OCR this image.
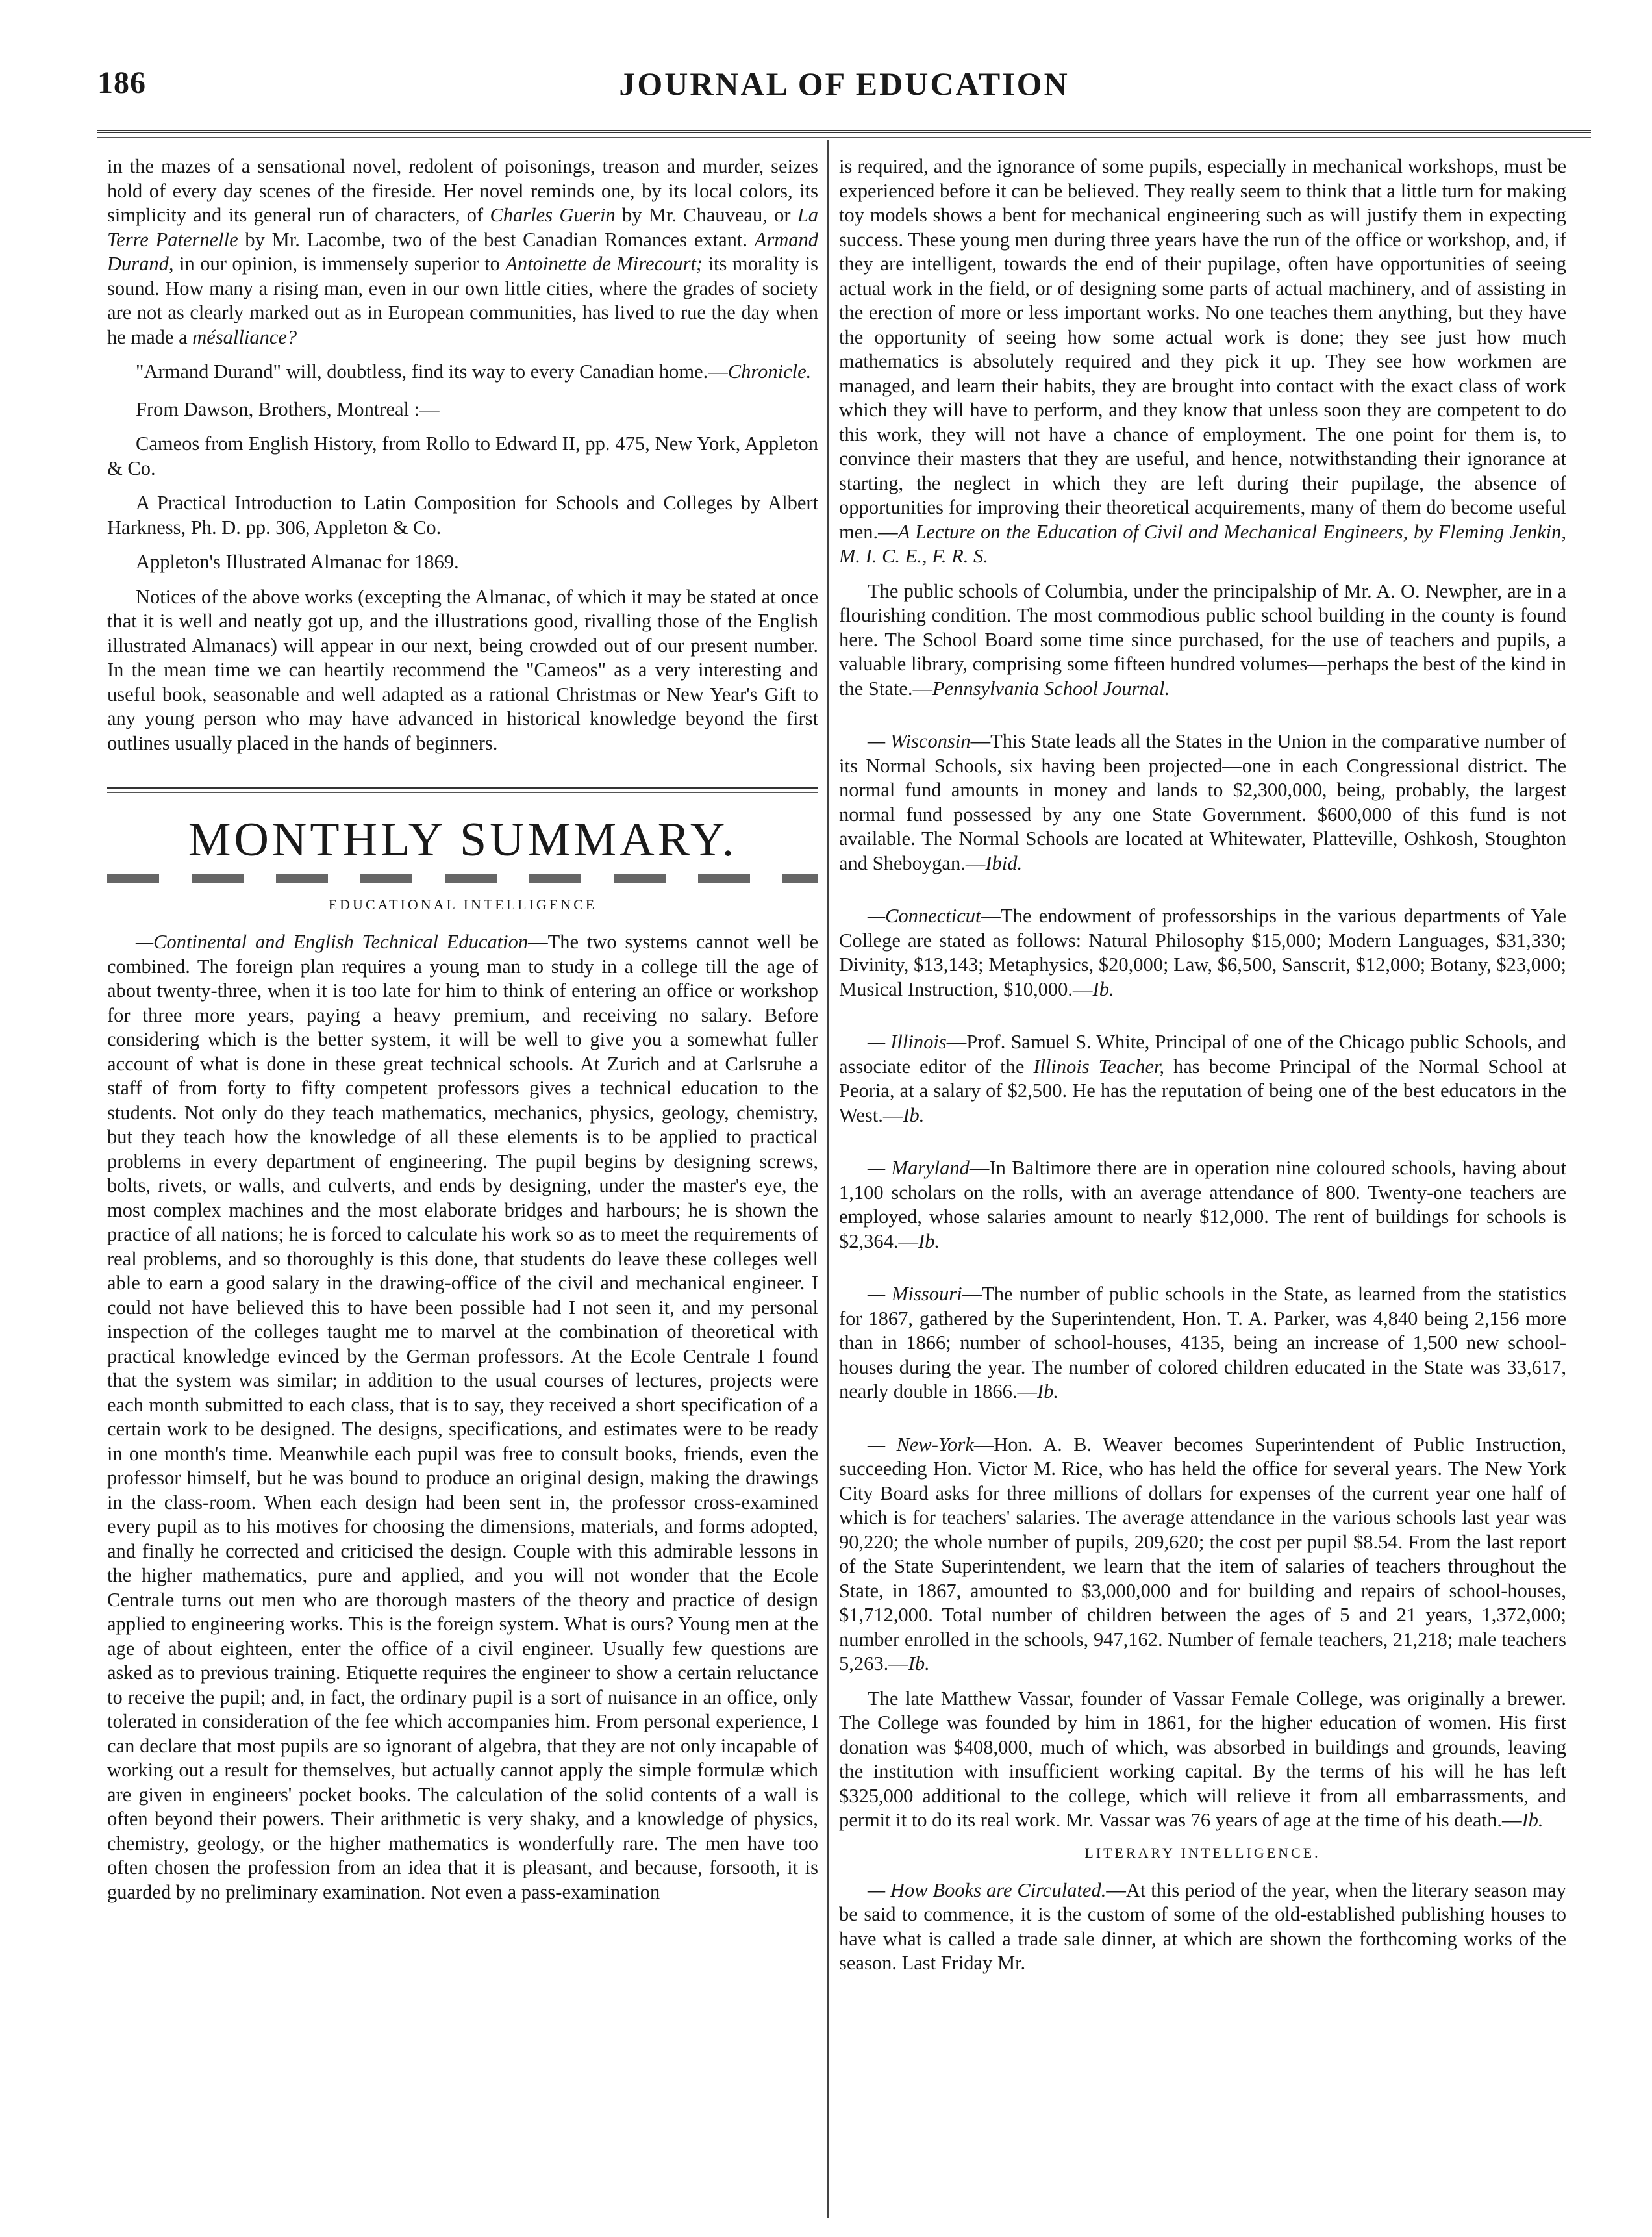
186	JOURNAL OF EDUCATION

in the mazes of a sensational novel, redolent of poisonings, treason and murder, seizes hold of every day scenes of the fireside. Her novel reminds one, by its local colors, its simplicity and its general run of characters, of Charles Guerin by Mr. Chauveau, or La Terre Paternelle by Mr. Lacombe, two of the best Canadian Romances extant. Armand Durand, in our opinion, is immensely superior to Antoinette de Mirecourt; its morality is sound. How many a rising man, even in our own little cities, where the grades of society are not as clearly marked out as in European communities, has lived to rue the day when he made a mésalliance?

"Armand Durand" will, doubtless, find its way to every Canadian home.—Chronicle.

From Dawson, Brothers, Montreal :—

Cameos from English History, from Rollo to Edward II, pp. 475, New York, Appleton & Co.

A Practical Introduction to Latin Composition for Schools and Colleges by Albert Harkness, Ph. D. pp. 306, Appleton & Co.

Appleton's Illustrated Almanac for 1869.

Notices of the above works (excepting the Almanac, of which it may be stated at once that it is well and neatly got up, and the illustrations good, rivalling those of the English illustrated Almanacs) will appear in our next, being crowded out of our present number. In the mean time we can heartily recommend the "Cameos" as a very interesting and useful book, seasonable and well adapted as a rational Christmas or New Year's Gift to any young person who may have advanced in historical knowledge beyond the first outlines usually placed in the hands of beginners.

MONTHLY SUMMARY.
EDUCATIONAL INTELLIGENCE

—Continental and English Technical Education—The two systems cannot well be combined. The foreign plan requires a young man to study in a college till the age of about twenty-three, when it is too late for him to think of entering an office or workshop for three more years, paying a heavy premium, and receiving no salary. Before considering which is the better system, it will be well to give you a somewhat fuller account of what is done in these great technical schools. At Zurich and at Carlsruhe a staff of from forty to fifty competent professors gives a technical education to the students. Not only do they teach mathematics, mechanics, physics, geology, chemistry, but they teach how the knowledge of all these elements is to be applied to practical problems in every department of engineering. The pupil begins by designing screws, bolts, rivets, or walls, and culverts, and ends by designing, under the master's eye, the most complex machines and the most elaborate bridges and harbours; he is shown the practice of all nations; he is forced to calculate his work so as to meet the requirements of real problems, and so thoroughly is this done, that students do leave these colleges well able to earn a good salary in the drawing-office of the civil and mechanical engineer. I could not have believed this to have been possible had I not seen it, and my personal inspection of the colleges taught me to marvel at the combination of theoretical with practical knowledge evinced by the German professors. At the Ecole Centrale I found that the system was similar; in addition to the usual courses of lectures, projects were each month submitted to each class, that is to say, they received a short specification of a certain work to be designed. The designs, specifications, and estimates were to be ready in one month's time. Meanwhile each pupil was free to consult books, friends, even the professor himself, but he was bound to produce an original design, making the drawings in the class-room. When each design had been sent in, the professor cross-examined every pupil as to his motives for choosing the dimensions, materials, and forms adopted, and finally he corrected and criticised the design. Couple with this admirable lessons in the higher mathematics, pure and applied, and you will not wonder that the Ecole Centrale turns out men who are thorough masters of the theory and practice of design applied to engineering works. This is the foreign system. What is ours? Young men at the age of about eighteen, enter the office of a civil engineer. Usually few questions are asked as to previous training. Etiquette requires the engineer to show a certain reluctance to receive the pupil; and, in fact, the ordinary pupil is a sort of nuisance in an office, only tolerated in consideration of the fee which accompanies him. From personal experience, I can declare that most pupils are so ignorant of algebra, that they are not only incapable of working out a result for themselves, but actually cannot apply the simple formulæ which are given in engineers' pocket books. The calculation of the solid contents of a wall is often beyond their powers. Their arithmetic is very shaky, and a knowledge of physics, chemistry, geology, or the higher mathematics is wonderfully rare. The men have too often chosen the profession from an idea that it is pleasant, and because, forsooth, it is guarded by no preliminary examination. Not even a pass-examination

is required, and the ignorance of some pupils, especially in mechanical workshops, must be experienced before it can be believed. They really seem to think that a little turn for making toy models shows a bent for mechanical engineering such as will justify them in expecting success. These young men during three years have the run of the office or workshop, and, if they are intelligent, towards the end of their pupilage, often have opportunities of seeing actual work in the field, or of designing some parts of actual machinery, and of assisting in the erection of more or less important works. No one teaches them anything, but they have the opportunity of seeing how some actual work is done; they see just how much mathematics is absolutely required and they pick it up. They see how workmen are managed, and learn their habits, they are brought into contact with the exact class of work which they will have to perform, and they know that unless soon they are competent to do this work, they will not have a chance of employment. The one point for them is, to convince their masters that they are useful, and hence, notwithstanding their ignorance at starting, the neglect in which they are left during their pupilage, the absence of opportunities for improving their theoretical acquirements, many of them do become useful men.—A Lecture on the Education of Civil and Mechanical Engineers, by Fleming Jenkin, M. I. C. E., F. R. S.

The public schools of Columbia, under the principalship of Mr. A. O. Newpher, are in a flourishing condition. The most commodious public school building in the county is found here. The School Board some time since purchased, for the use of teachers and pupils, a valuable library, comprising some fifteen hundred volumes—perhaps the best of the kind in the State.—Pennsylvania School Journal.

— Wisconsin—This State leads all the States in the Union in the comparative number of its Normal Schools, six having been projected—one in each Congressional district. The normal fund amounts in money and lands to $2,300,000, being, probably, the largest normal fund possessed by any one State Government. $600,000 of this fund is not available. The Normal Schools are located at Whitewater, Platteville, Oshkosh, Stoughton and Sheboygan.—Ibid.

—Connecticut—The endowment of professorships in the various departments of Yale College are stated as follows: Natural Philosophy $15,000; Modern Languages, $31,330; Divinity, $13,143; Metaphysics, $20,000; Law, $6,500, Sanscrit, $12,000; Botany, $23,000; Musical Instruction, $10,000.—Ib.

— Illinois—Prof. Samuel S. White, Principal of one of the Chicago public Schools, and associate editor of the Illinois Teacher, has become Principal of the Normal School at Peoria, at a salary of $2,500. He has the reputation of being one of the best educators in the West.—Ib.

— Maryland—In Baltimore there are in operation nine coloured schools, having about 1,100 scholars on the rolls, with an average attendance of 800. Twenty-one teachers are employed, whose salaries amount to nearly $12,000. The rent of buildings for schools is $2,364.—Ib.

— Missouri—The number of public schools in the State, as learned from the statistics for 1867, gathered by the Superintendent, Hon. T. A. Parker, was 4,840 being 2,156 more than in 1866; number of school-houses, 4135, being an increase of 1,500 new school-houses during the year. The number of colored children educated in the State was 33,617, nearly double in 1866.—Ib.

— New-York—Hon. A. B. Weaver becomes Superintendent of Public Instruction, succeeding Hon. Victor M. Rice, who has held the office for several years. The New York City Board asks for three millions of dollars for expenses of the current year one half of which is for teachers' salaries. The average attendance in the various schools last year was 90,220; the whole number of pupils, 209,620; the cost per pupil $8.54. From the last report of the State Superintendent, we learn that the item of salaries of teachers throughout the State, in 1867, amounted to $3,000,000 and for building and repairs of school-houses, $1,712,000. Total number of children between the ages of 5 and 21 years, 1,372,000; number enrolled in the schools, 947,162. Number of female teachers, 21,218; male teachers 5,263.—Ib.

The late Matthew Vassar, founder of Vassar Female College, was originally a brewer. The College was founded by him in 1861, for the higher education of women. His first donation was $408,000, much of which, was absorbed in buildings and grounds, leaving the institution with insufficient working capital. By the terms of his will he has left $325,000 additional to the college, which will relieve it from all embarrassments, and permit it to do its real work. Mr. Vassar was 76 years of age at the time of his death.—Ib.

LITERARY INTELLIGENCE.

— How Books are Circulated.—At this period of the year, when the literary season may be said to commence, it is the custom of some of the old-established publishing houses to have what is called a trade sale dinner, at which are shown the forthcoming works of the season. Last Friday Mr.
